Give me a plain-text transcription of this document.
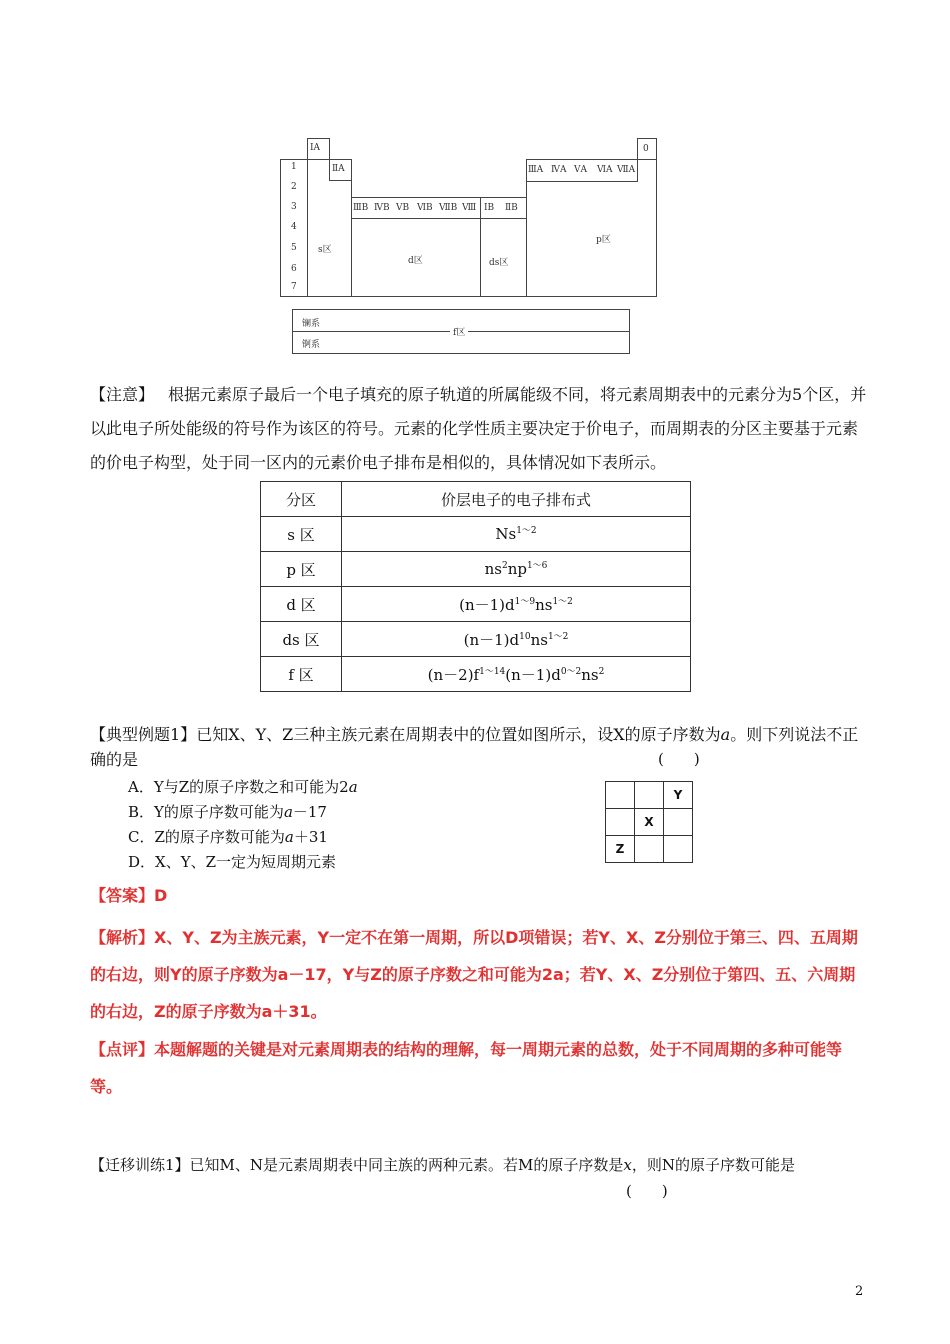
1
2
3
4
5
6
7
ⅠA
ⅡA
s区
ⅢB ⅣB ⅤB ⅥB ⅦB Ⅷ
d区
ⅠB ⅡB
ds区
0
ⅢA ⅣA ⅤA ⅥA ⅦA
p区
镧系
锕系
f区
【注意】 根据元素原子最后一个电子填充的原子轨道的所属能级不同，将元素周期表中的元素分为5个区，并以此电子所处能级的符号作为该区的符号。元素的化学性质主要决定于价电子，而周期表的分区主要基于元素的价电子构型，处于同一区内的元素价电子排布是相似的，具体情况如下表所示。
分区	价层电子的电子排布式
s 区	$Ns^{1\sim 2}$
p 区	$ns^2np^{1\sim 6}$
d 区	$(n-1)d^{1\sim 9}ns^{1\sim 2}$
ds 区	$(n-1)d^{10}ns^{1\sim 2}$
f 区	$(n-2)f^{1\sim 14}(n-1)d^{0\sim 2}ns^2$
【典型例题1】已知X、Y、Z三种主族元素在周期表中的位置如图所示，设X的原子序数为a。则下列说法不正确的是	(　　)
A．Y与Z的原子序数之和可能为2a
B．Y的原子序数可能为a－17
C．Z的原子序数可能为a＋31
D．X、Y、Z一定为短周期元素
		Y
	X	
Z		
【答案】D
【解析】X、Y、Z为主族元素，Y一定不在第一周期，所以D项错误；若Y、X、Z分别位于第三、四、五周期的右边，则Y的原子序数为a－17，Y与Z的原子序数之和可能为2a；若Y、X、Z分别位于第四、五、六周期的右边，Z的原子序数为a＋31。
【点评】本题解题的关键是对元素周期表的结构的理解，每一周期元素的总数，处于不同周期的多种可能等等。
【迁移训练1】已知M、N是元素周期表中同主族的两种元素。若M的原子序数是x，则N的原子序数可能是
(　　)
2
